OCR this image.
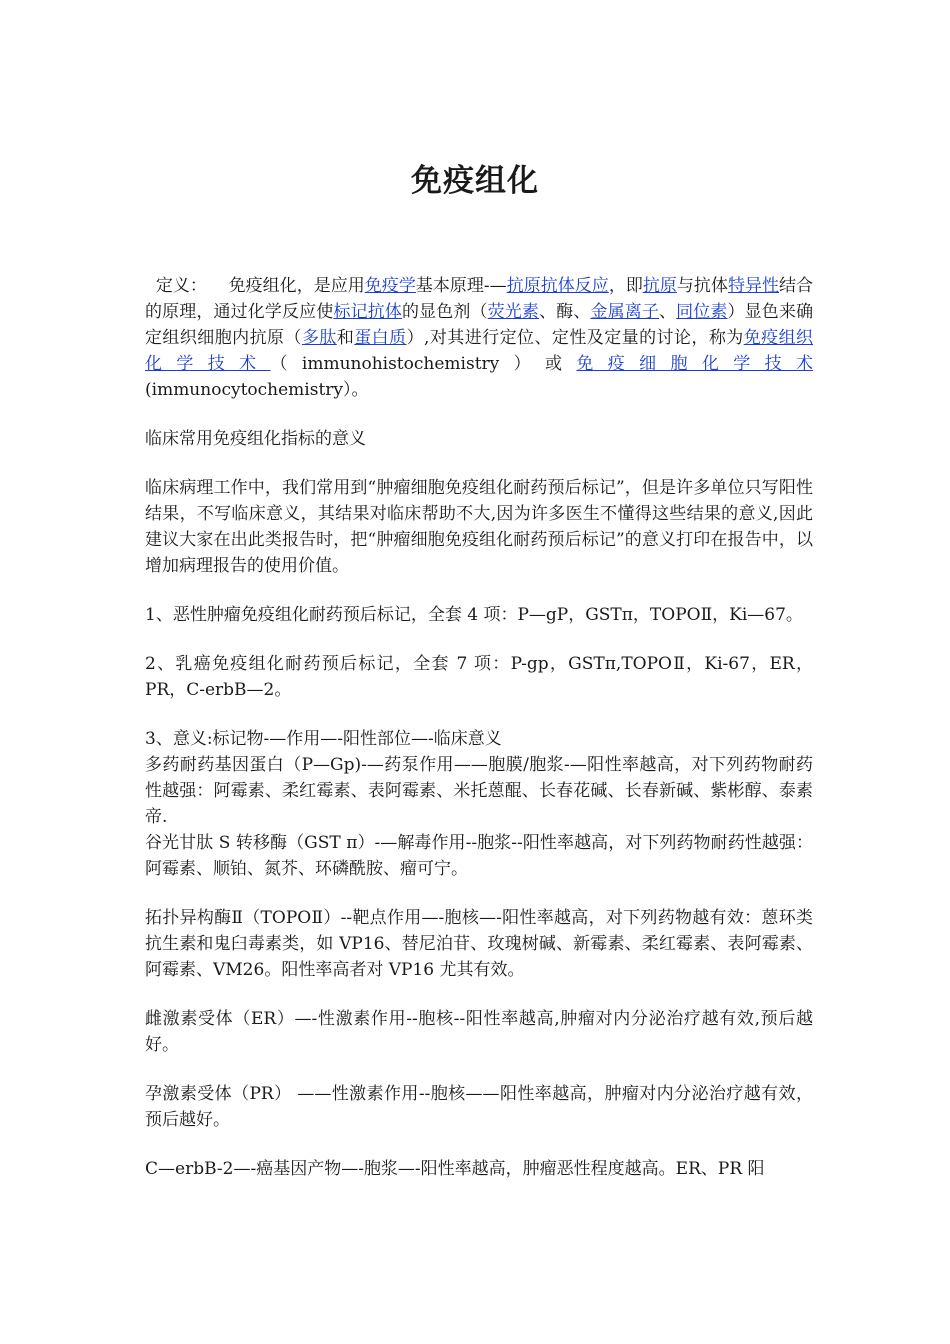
免疫组化

定义： 免疫组化，是应用免疫学基本原理-—抗原抗体反应，即抗原与抗体特异性结合的原理，通过化学反应使标记抗体的显色剂（荧光素、酶、金属离子、同位素）显色来确定组织细胞内抗原（多肽和蛋白质）,对其进行定位、定性及定量的讨论，称为免疫组织化学技术（immunohistochemistry）或免疫细胞化学技术(immunocytochemistry）。

临床常用免疫组化指标的意义

临床病理工作中，我们常用到“肿瘤细胞免疫组化耐药预后标记”，但是许多单位只写阳性结果，不写临床意义，其结果对临床帮助不大,因为许多医生不懂得这些结果的意义,因此建议大家在出此类报告时，把“肿瘤细胞免疫组化耐药预后标记”的意义打印在报告中，以增加病理报告的使用价值。

1、恶性肿瘤免疫组化耐药预后标记，全套 4 项：P—gP，GSTπ，TOPOⅡ，Ki—67。

2、乳癌免疫组化耐药预后标记，全套 7 项：P-gp，GSTπ,TOPOⅡ，Ki-67，ER，PR，C-erbB—2。

3、意义:标记物-—作用—-阳性部位—-临床意义

多药耐药基因蛋白（P—Gp)-—药泵作用——胞膜/胞浆-—阳性率越高，对下列药物耐药性越强：阿霉素、柔红霉素、表阿霉素、米托蒽醌、长春花碱、长春新碱、紫彬醇、泰素帝.

谷光甘肽 S 转移酶（GST π）-—解毒作用--胞浆--阳性率越高，对下列药物耐药性越强：阿霉素、顺铂、氮芥、环磷酰胺、瘤可宁。

拓扑异构酶Ⅱ（TOPOⅡ）--靶点作用—-胞核—-阳性率越高，对下列药物越有效：蒽环类抗生素和鬼臼毒素类，如 VP16、替尼泊苷、玫瑰树碱、新霉素、柔红霉素、表阿霉素、阿霉素、VM26。阳性率高者对 VP16 尤其有效。

雌激素受体（ER）—-性激素作用--胞核--阳性率越高,肿瘤对内分泌治疗越有效,预后越好。

孕激素受体（PR） ——性激素作用--胞核——阳性率越高，肿瘤对内分泌治疗越有效，预后越好。

C—erbB-2—-癌基因产物—-胞浆—-阳性率越高，肿瘤恶性程度越高。ER、PR 阳
